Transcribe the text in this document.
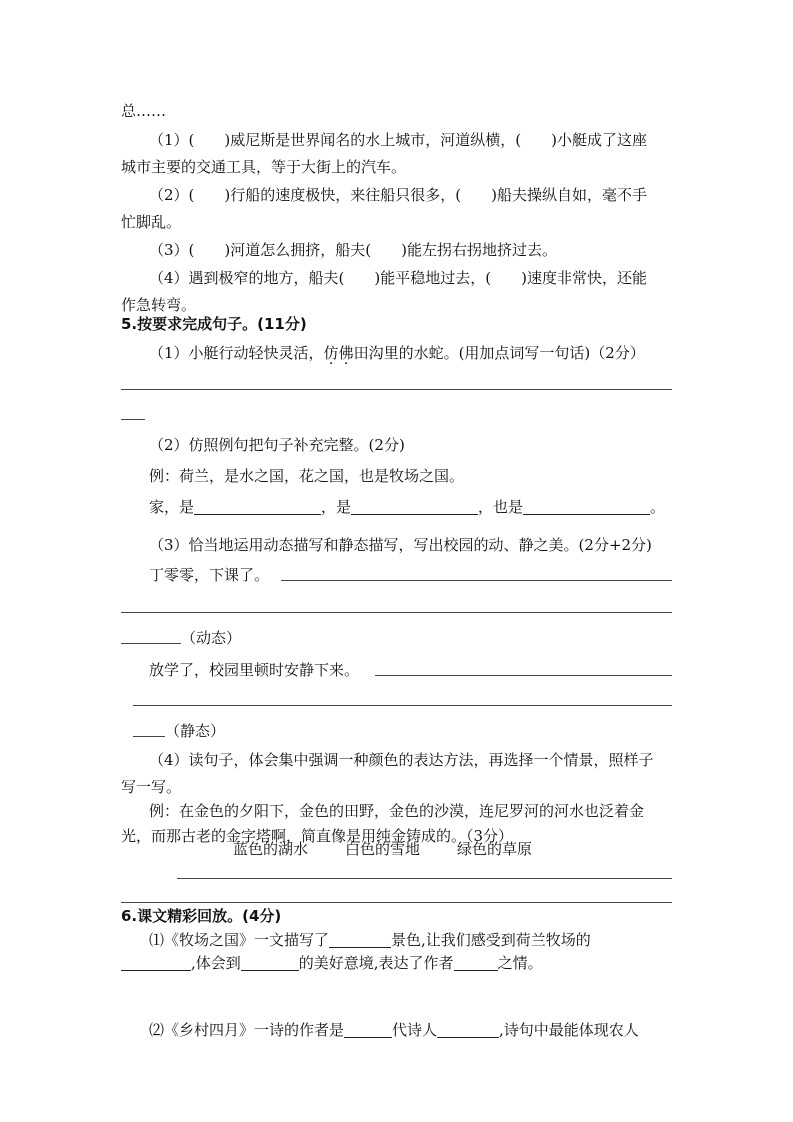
总……
（1）(　　)威尼斯是世界闻名的水上城市，河道纵横，(　　)小艇成了这座
城市主要的交通工具，等于大街上的汽车。
（2）(　　)行船的速度极快，来往船只很多，(　　)船夫操纵自如，毫不手
忙脚乱。
（3）(　　)河道怎么拥挤，船夫(　　)能左拐右拐地挤过去。
（4）遇到极窄的地方，船夫(　　)能平稳地过去，(　　)速度非常快，还能
作急转弯。
5.按要求完成句子。(11分)
（1）小艇行动轻快灵活，仿佛田沟里的水蛇。(用加点词写一句话)（2分）
（2）仿照例句把句子补充完整。(2分)
例：荷兰，是水之国，花之国，也是牧场之国。
家，是	，是	，也是	。
（3）恰当地运用动态描写和静态描写，写出校园的动、静之美。(2分+2分)
丁零零，下课了。
（动态）
放学了，校园里顿时安静下来。
（静态）
（4）读句子，体会集中强调一种颜色的表达方法，再选择一个情景，照样子
写一写。
例：在金色的夕阳下，金色的田野，金色的沙漠，连尼罗河的河水也泛着金
光，而那古老的金字塔啊，简直像是用纯金铸成的。（3分）
蓝色的湖水 白色的雪地 绿色的草原
6.课文精彩回放。(4分)
⑴《牧场之国》一文描写了	景色,让我们感受到荷兰牧场的
,体会到	的美好意境,表达了作者	之情。
⑵《乡村四月》一诗的作者是	代诗人	,诗句中最能体现农人
